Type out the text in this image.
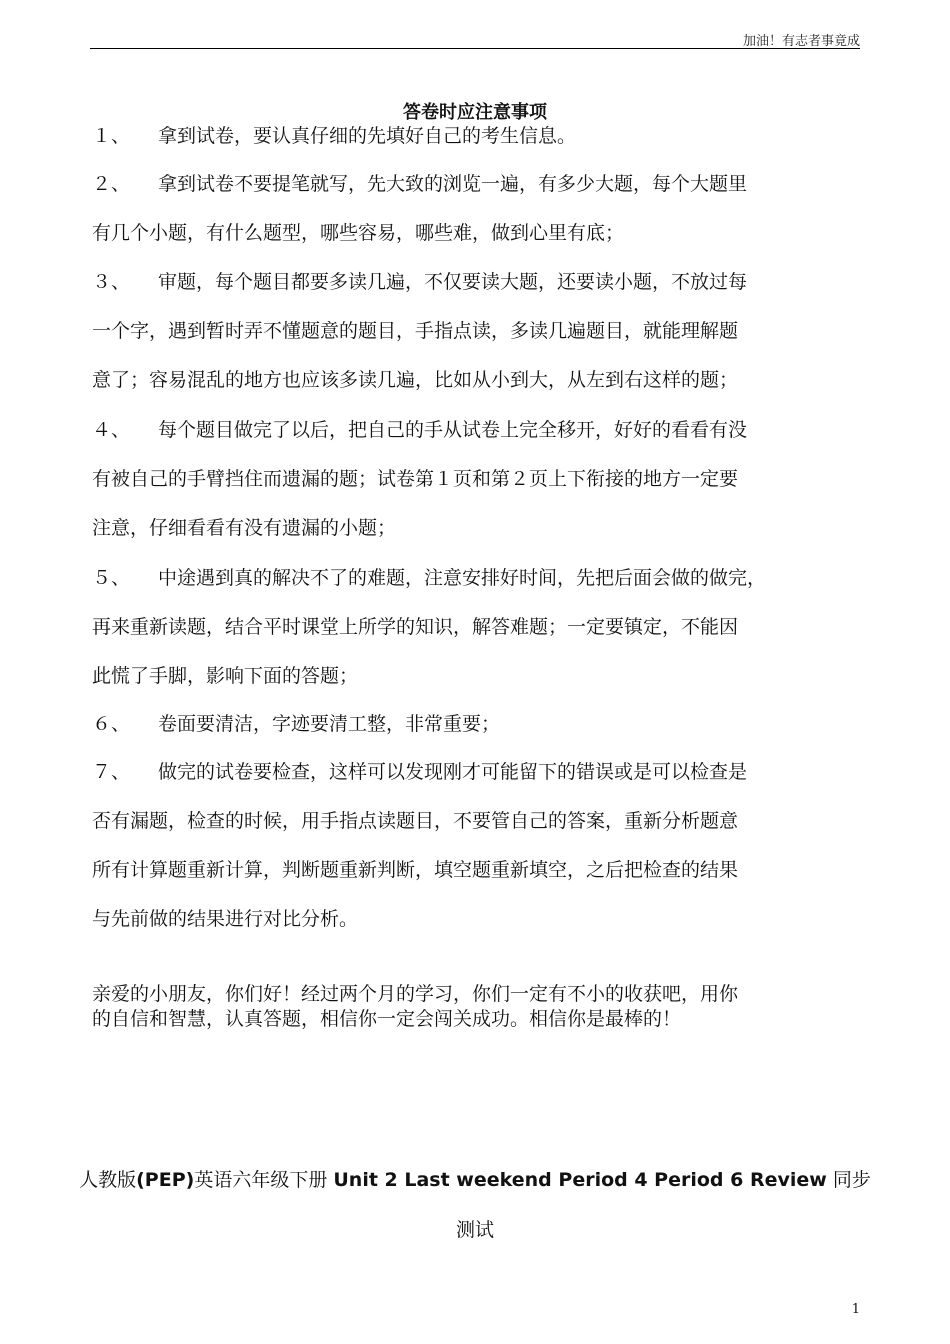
加油！有志者事竟成
答卷时应注意事项
１、 拿到试卷，要认真仔细的先填好自己的考生信息。
２、 拿到试卷不要提笔就写，先大致的浏览一遍，有多少大题，每个大题里
有几个小题，有什么题型，哪些容易，哪些难，做到心里有底；
３、 审题，每个题目都要多读几遍，不仅要读大题，还要读小题，不放过每
一个字，遇到暂时弄不懂题意的题目，手指点读，多读几遍题目，就能理解题
意了；容易混乱的地方也应该多读几遍，比如从小到大，从左到右这样的题；
４、 每个题目做完了以后，把自己的手从试卷上完全移开，好好的看看有没
有被自己的手臂挡住而遗漏的题；试卷第１页和第２页上下衔接的地方一定要
注意，仔细看看有没有遗漏的小题；
５、 中途遇到真的解决不了的难题，注意安排好时间，先把后面会做的做完，
再来重新读题，结合平时课堂上所学的知识，解答难题；一定要镇定，不能因
此慌了手脚，影响下面的答题；
６、 卷面要清洁，字迹要清工整，非常重要；
７、 做完的试卷要检查，这样可以发现刚才可能留下的错误或是可以检查是
否有漏题，检查的时候，用手指点读题目，不要管自己的答案，重新分析题意
所有计算题重新计算，判断题重新判断，填空题重新填空，之后把检查的结果
与先前做的结果进行对比分析。
亲爱的小朋友，你们好！经过两个月的学习，你们一定有不小的收获吧，用你
的自信和智慧，认真答题，相信你一定会闯关成功。相信你是最棒的！
人教版(PEP)英语六年级下册 Unit 2 Last weekend Period 4 Period 6 Review 同步
测试
1
